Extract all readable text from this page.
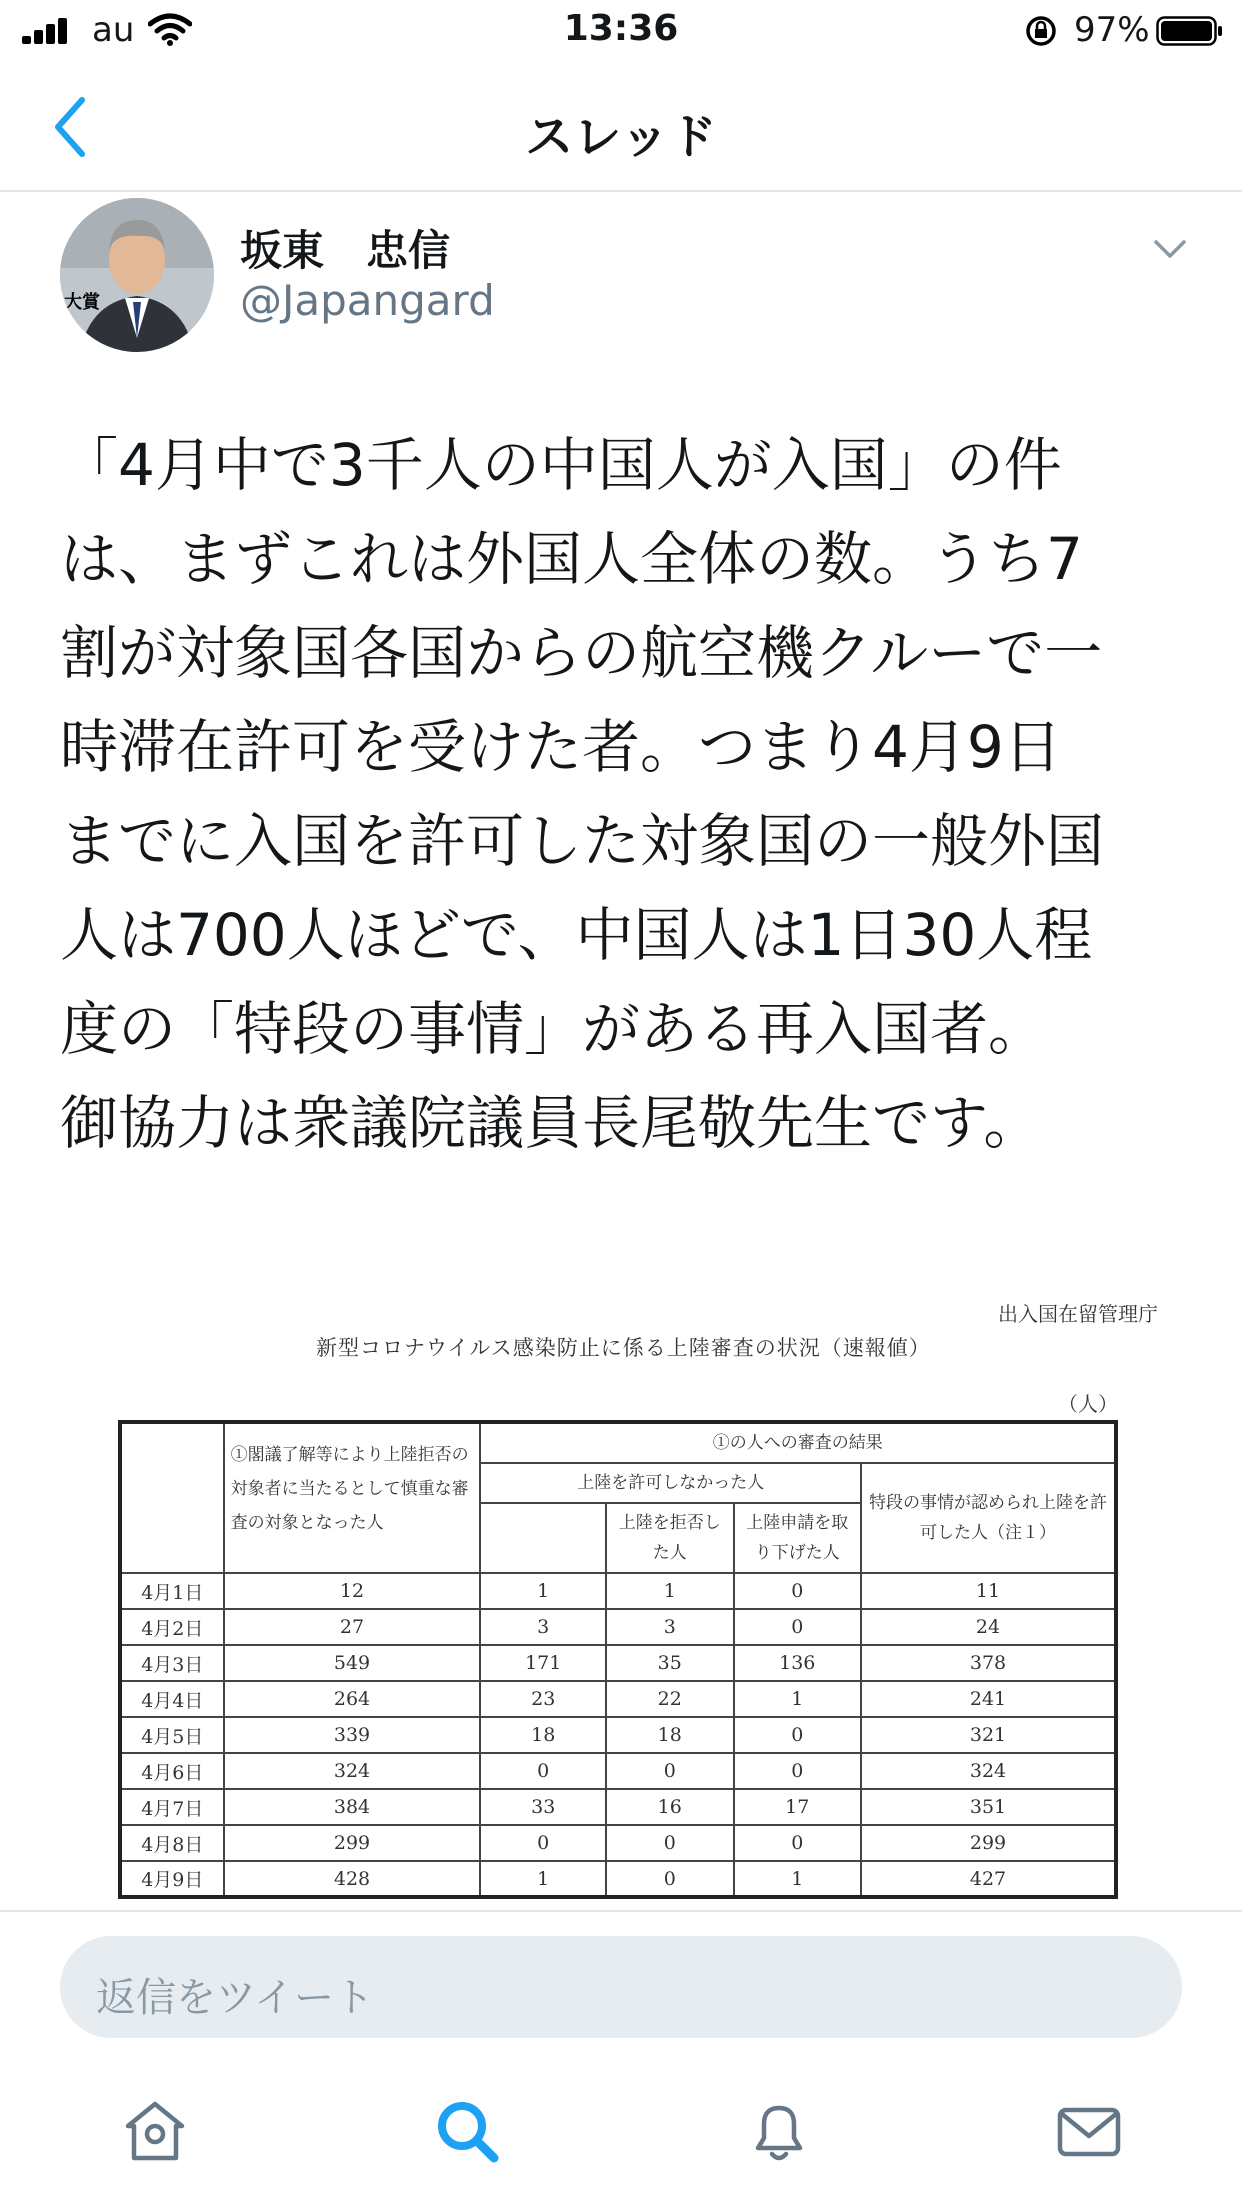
au	13:36	97%
スレッド
大賞
坂東　忠信
@Japangard
「4月中で3千人の中国人が入国」の件
は、まずこれは外国人全体の数。うち7
割が対象国各国からの航空機クルーで一
時滞在許可を受けた者。つまり4月9日
までに入国を許可した対象国の一般外国
人は700人ほどで、中国人は1日30人程
度の「特段の事情」がある再入国者。
御協力は衆議院議員長尾敬先生です。
出入国在留管理庁
新型コロナウイルス感染防止に係る上陸審査の状況（速報値）
（人）
	①閣議了解等により上陸拒否の対象者に当たるとして慎重な審査の対象となった人	①の人への審査の結果			
		上陸を許可しなかった人			特段の事情が認められ上陸を許可した人（注１）
			上陸を拒否した人	上陸申請を取り下げた人	
4月1日	12	1	1	0	11
4月2日	27	3	3	0	24
4月3日	549	171	35	136	378
4月4日	264	23	22	1	241
4月5日	339	18	18	0	321
4月6日	324	0	0	0	324
4月7日	384	33	16	17	351
4月8日	299	0	0	0	299
4月9日	428	1	0	1	427
返信をツイート
